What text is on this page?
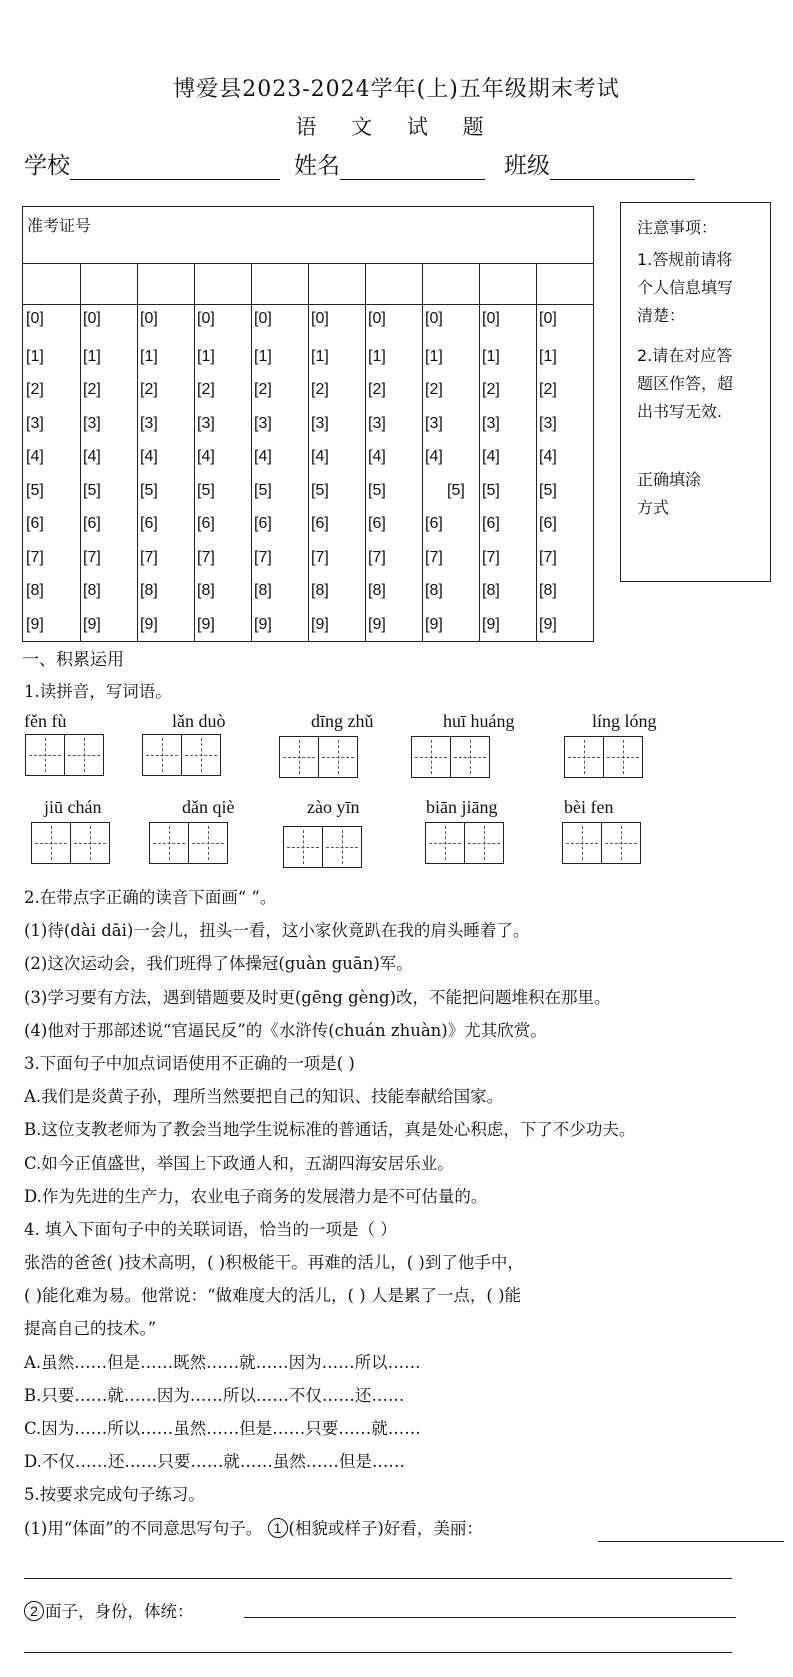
博爱县2023-2024学年(上)五年级期末考试
语 文 试 题
学校	姓名	班级
准考证号
[0] [0] [0] [0] [0] [0] [0] [0] [0] [0]
[1] [1] [1] [1] [1] [1] [1] [1] [1] [1]
[2] [2] [2] [2] [2] [2] [2] [2] [2] [2]
[3] [3] [3] [3] [3] [3] [3] [3] [3] [3]
[4] [4] [4] [4] [4] [4] [4] [4] [4] [4]
[5] [5] [5] [5] [5] [5] [5]	[5] [5] [5]
[6] [6] [6] [6] [6] [6] [6] [6] [6] [6]
[7] [7] [7] [7] [7] [7] [7] [7] [7] [7]
[8] [8] [8] [8] [8] [8] [8] [8] [8] [8]
[9] [9] [9] [9] [9] [9] [9] [9] [9] [9]
注意事项：
1.答规前请将
个人信息填写
清楚：
2.请在对应答
题区作答，超
出书写无效.
正确填涂
方式
一、积累运用
1.读拼音，写词语。
fěn fù	lǎn duò	dīng zhǔ	huī huáng	líng lóng
jiū chán	dǎn qiè	zào yīn	biān jiāng	bèi fen
2.在带点字正确的读音下面画“ ”。
(1)待(dài dāi)一会儿，扭头一看，这小家伙竟趴在我的肩头睡着了。
(2)这次运动会，我们班得了体操冠(guàn guān)军。
(3)学习要有方法，遇到错题要及时更(gēng gèng)改，不能把问题堆积在那里。
(4)他对于那部述说“官逼民反”的《水浒传(chuán zhuàn)》尤其欣赏。
3.下面句子中加点词语使用不正确的一项是( )
A.我们是炎黄子孙，理所当然要把自己的知识、技能奉献给国家。
B.这位支教老师为了教会当地学生说标准的普通话，真是处心积虑，下了不少功夫。
C.如今正值盛世，举国上下政通人和，五湖四海安居乐业。
D.作为先进的生产力，农业电子商务的发展潜力是不可估量的。
4. 填入下面句子中的关联词语，恰当的一项是（ ）
张浩的爸爸( )技术高明，( )积极能干。再难的活儿，( )到了他手中，
( )能化难为易。他常说：“做难度大的活儿，( ) 人是累了一点，( )能
提高自己的技术。”
A.虽然……但是……既然……就……因为……所以……
B.只要……就……因为……所以……不仅……还……
C.因为……所以……虽然……但是……只要……就……
D.不仅……还……只要……就……虽然……但是……
5.按要求完成句子练习。
(1)用“体面”的不同意思写句子。 1 (相貌或样子)好看，美丽：
2 面子，身份，体统：
